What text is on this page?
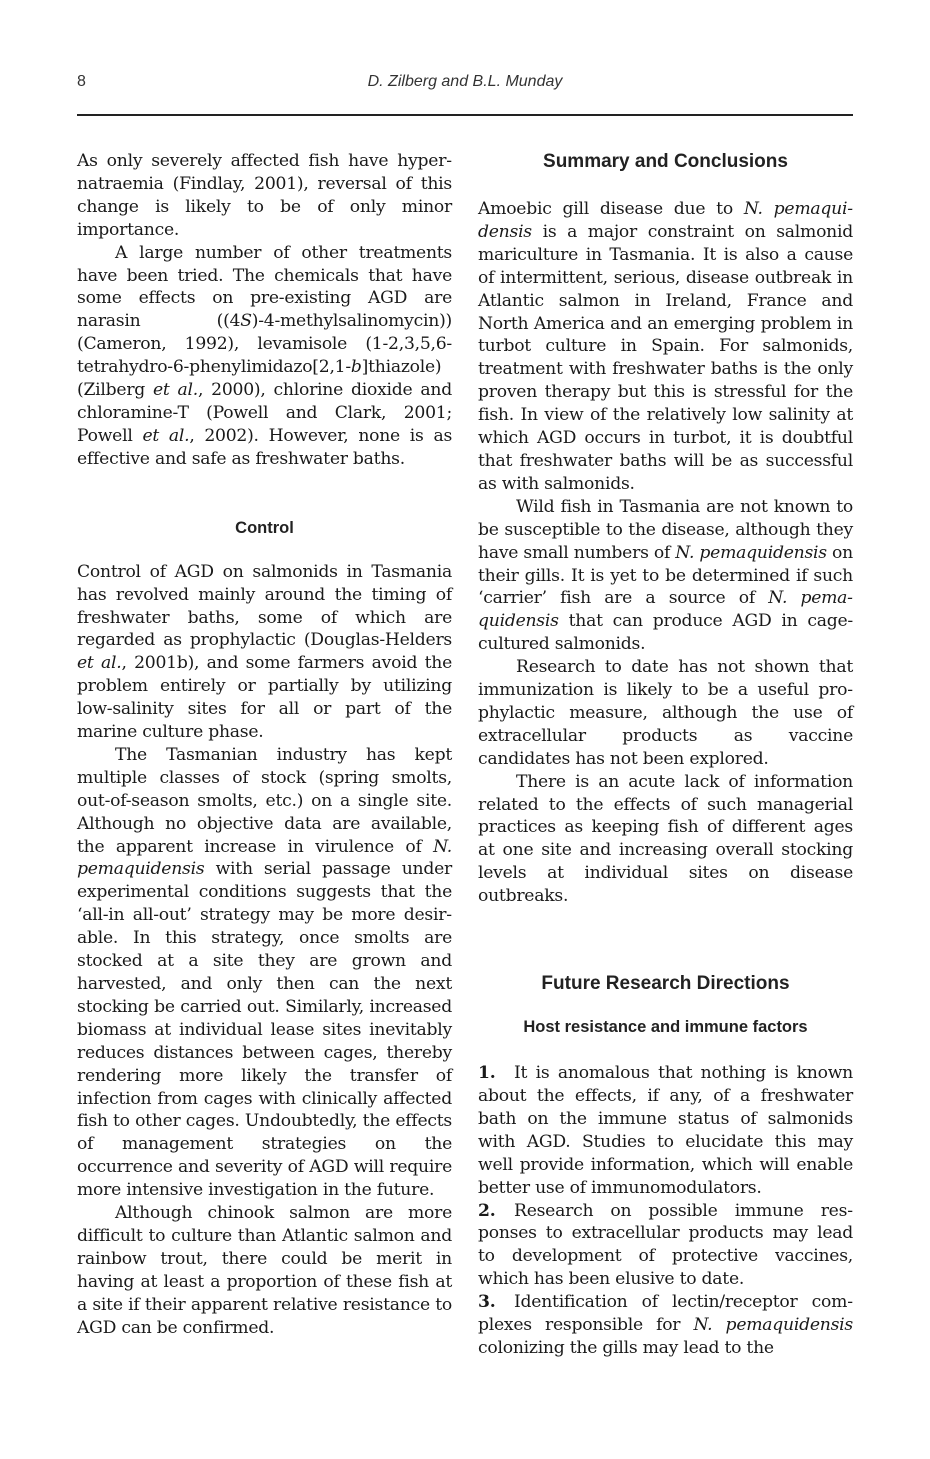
8	D. Zilberg and B.L. Munday

As only severely affected fish have hypernatraemia (Findlay, 2001), reversal of this change is likely to be of only minor importance.

A large number of other treatments have been tried. The chemicals that have some effects on pre-existing AGD are narasin ((4S)-4-methylsalinomycin)) (Cameron, 1992), levamisole (1-2,3,5,6-tetrahydro-6-phenylimidazo[2,1-b]thiazole) (Zilberg et al., 2000), chlorine dioxide and chloramine-T (Powell and Clark, 2001; Powell et al., 2002). However, none is as effective and safe as freshwater baths.

Control

Control of AGD on salmonids in Tasmania has revolved mainly around the timing of freshwater baths, some of which are regarded as prophylactic (Douglas-Helders et al., 2001b), and some farmers avoid the problem entirely or partially by utilizing low-salinity sites for all or part of the marine culture phase.

The Tasmanian industry has kept multiple classes of stock (spring smolts, out-of-season smolts, etc.) on a single site. Although no objective data are available, the apparent increase in virulence of N. pemaquidensis with serial passage under experimental conditions suggests that the ‘all-in all-out’ strategy may be more desirable. In this strategy, once smolts are stocked at a site they are grown and harvested, and only then can the next stocking be carried out. Similarly, increased biomass at individual lease sites inevitably reduces distances between cages, thereby rendering more likely the transfer of infection from cages with clinically affected fish to other cages. Undoubtedly, the effects of management strategies on the occurrence and severity of AGD will require more intensive investigation in the future.

Although chinook salmon are more difficult to culture than Atlantic salmon and rainbow trout, there could be merit in having at least a proportion of these fish at a site if their apparent relative resistance to AGD can be confirmed.

Summary and Conclusions

Amoebic gill disease due to N. pemaquidensis is a major constraint on salmonid mariculture in Tasmania. It is also a cause of intermittent, serious, disease outbreak in Atlantic salmon in Ireland, France and North America and an emerging problem in turbot culture in Spain. For salmonids, treatment with freshwater baths is the only proven therapy but this is stressful for the fish. In view of the relatively low salinity at which AGD occurs in turbot, it is doubtful that freshwater baths will be as successful as with salmonids.

Wild fish in Tasmania are not known to be susceptible to the disease, although they have small numbers of N. pemaquidensis on their gills. It is yet to be determined if such ‘carrier’ fish are a source of N. pemaquidensis that can produce AGD in cage-cultured salmonids.

Research to date has not shown that immunization is likely to be a useful prophylactic measure, although the use of extracellular products as vaccine candidates has not been explored.

There is an acute lack of information related to the effects of such managerial practices as keeping fish of different ages at one site and increasing overall stocking levels at individual sites on disease outbreaks.

Future Research Directions
Host resistance and immune factors

1. It is anomalous that nothing is known about the effects, if any, of a freshwater bath on the immune status of salmonids with AGD. Studies to elucidate this may well provide information, which will enable better use of immunomodulators.

2. Research on possible immune responses to extracellular products may lead to development of protective vaccines, which has been elusive to date.

3. Identification of lectin/receptor complexes responsible for N. pemaquidensis colonizing the gills may lead to the
